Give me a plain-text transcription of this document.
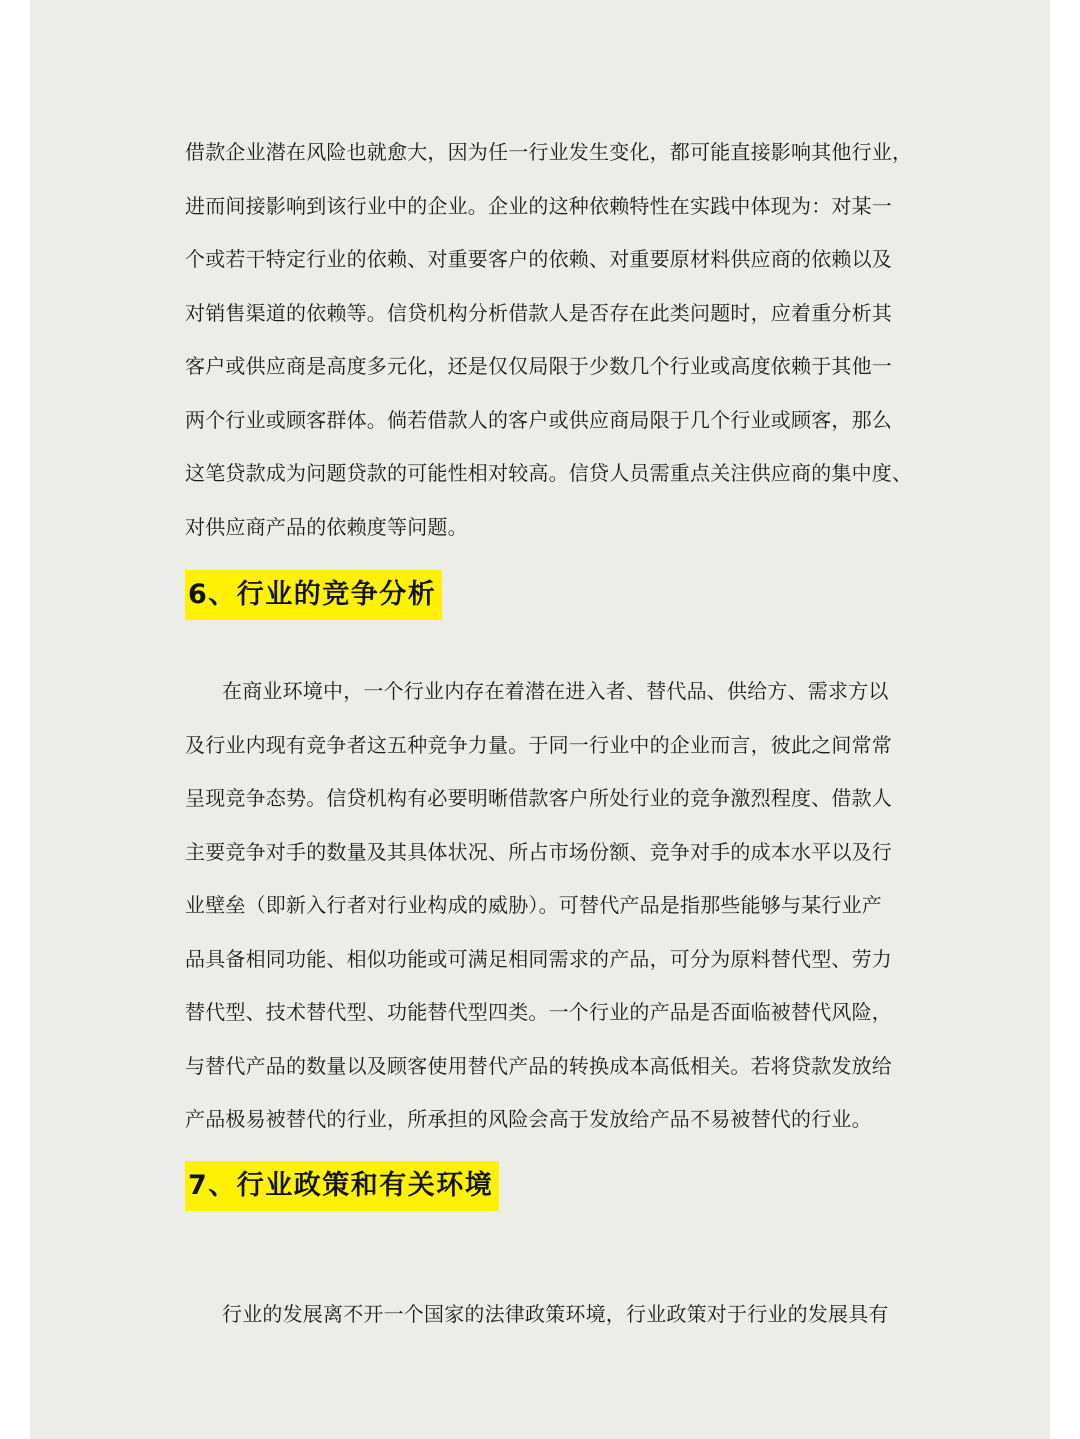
借款企业潜在风险也就愈大，因为任一行业发生变化，都可能直接影响其他行业，
进而间接影响到该行业中的企业。企业的这种依赖特性在实践中体现为：对某一
个或若干特定行业的依赖、对重要客户的依赖、对重要原材料供应商的依赖以及
对销售渠道的依赖等。信贷机构分析借款人是否存在此类问题时，应着重分析其
客户或供应商是高度多元化，还是仅仅局限于少数几个行业或高度依赖于其他一
两个行业或顾客群体。倘若借款人的客户或供应商局限于几个行业或顾客，那么
这笔贷款成为问题贷款的可能性相对较高。信贷人员需重点关注供应商的集中度、
对供应商产品的依赖度等问题。
6、行业的竞争分析
在商业环境中，一个行业内存在着潜在进入者、替代品、供给方、需求方以
及行业内现有竞争者这五种竞争力量。于同一行业中的企业而言，彼此之间常常
呈现竞争态势。信贷机构有必要明晰借款客户所处行业的竞争激烈程度、借款人
主要竞争对手的数量及其具体状况、所占市场份额、竞争对手的成本水平以及行
业壁垒（即新入行者对行业构成的威胁）。可替代产品是指那些能够与某行业产
品具备相同功能、相似功能或可满足相同需求的产品，可分为原料替代型、劳力
替代型、技术替代型、功能替代型四类。一个行业的产品是否面临被替代风险，
与替代产品的数量以及顾客使用替代产品的转换成本高低相关。若将贷款发放给
产品极易被替代的行业，所承担的风险会高于发放给产品不易被替代的行业。
7、行业政策和有关环境
行业的发展离不开一个国家的法律政策环境，行业政策对于行业的发展具有
